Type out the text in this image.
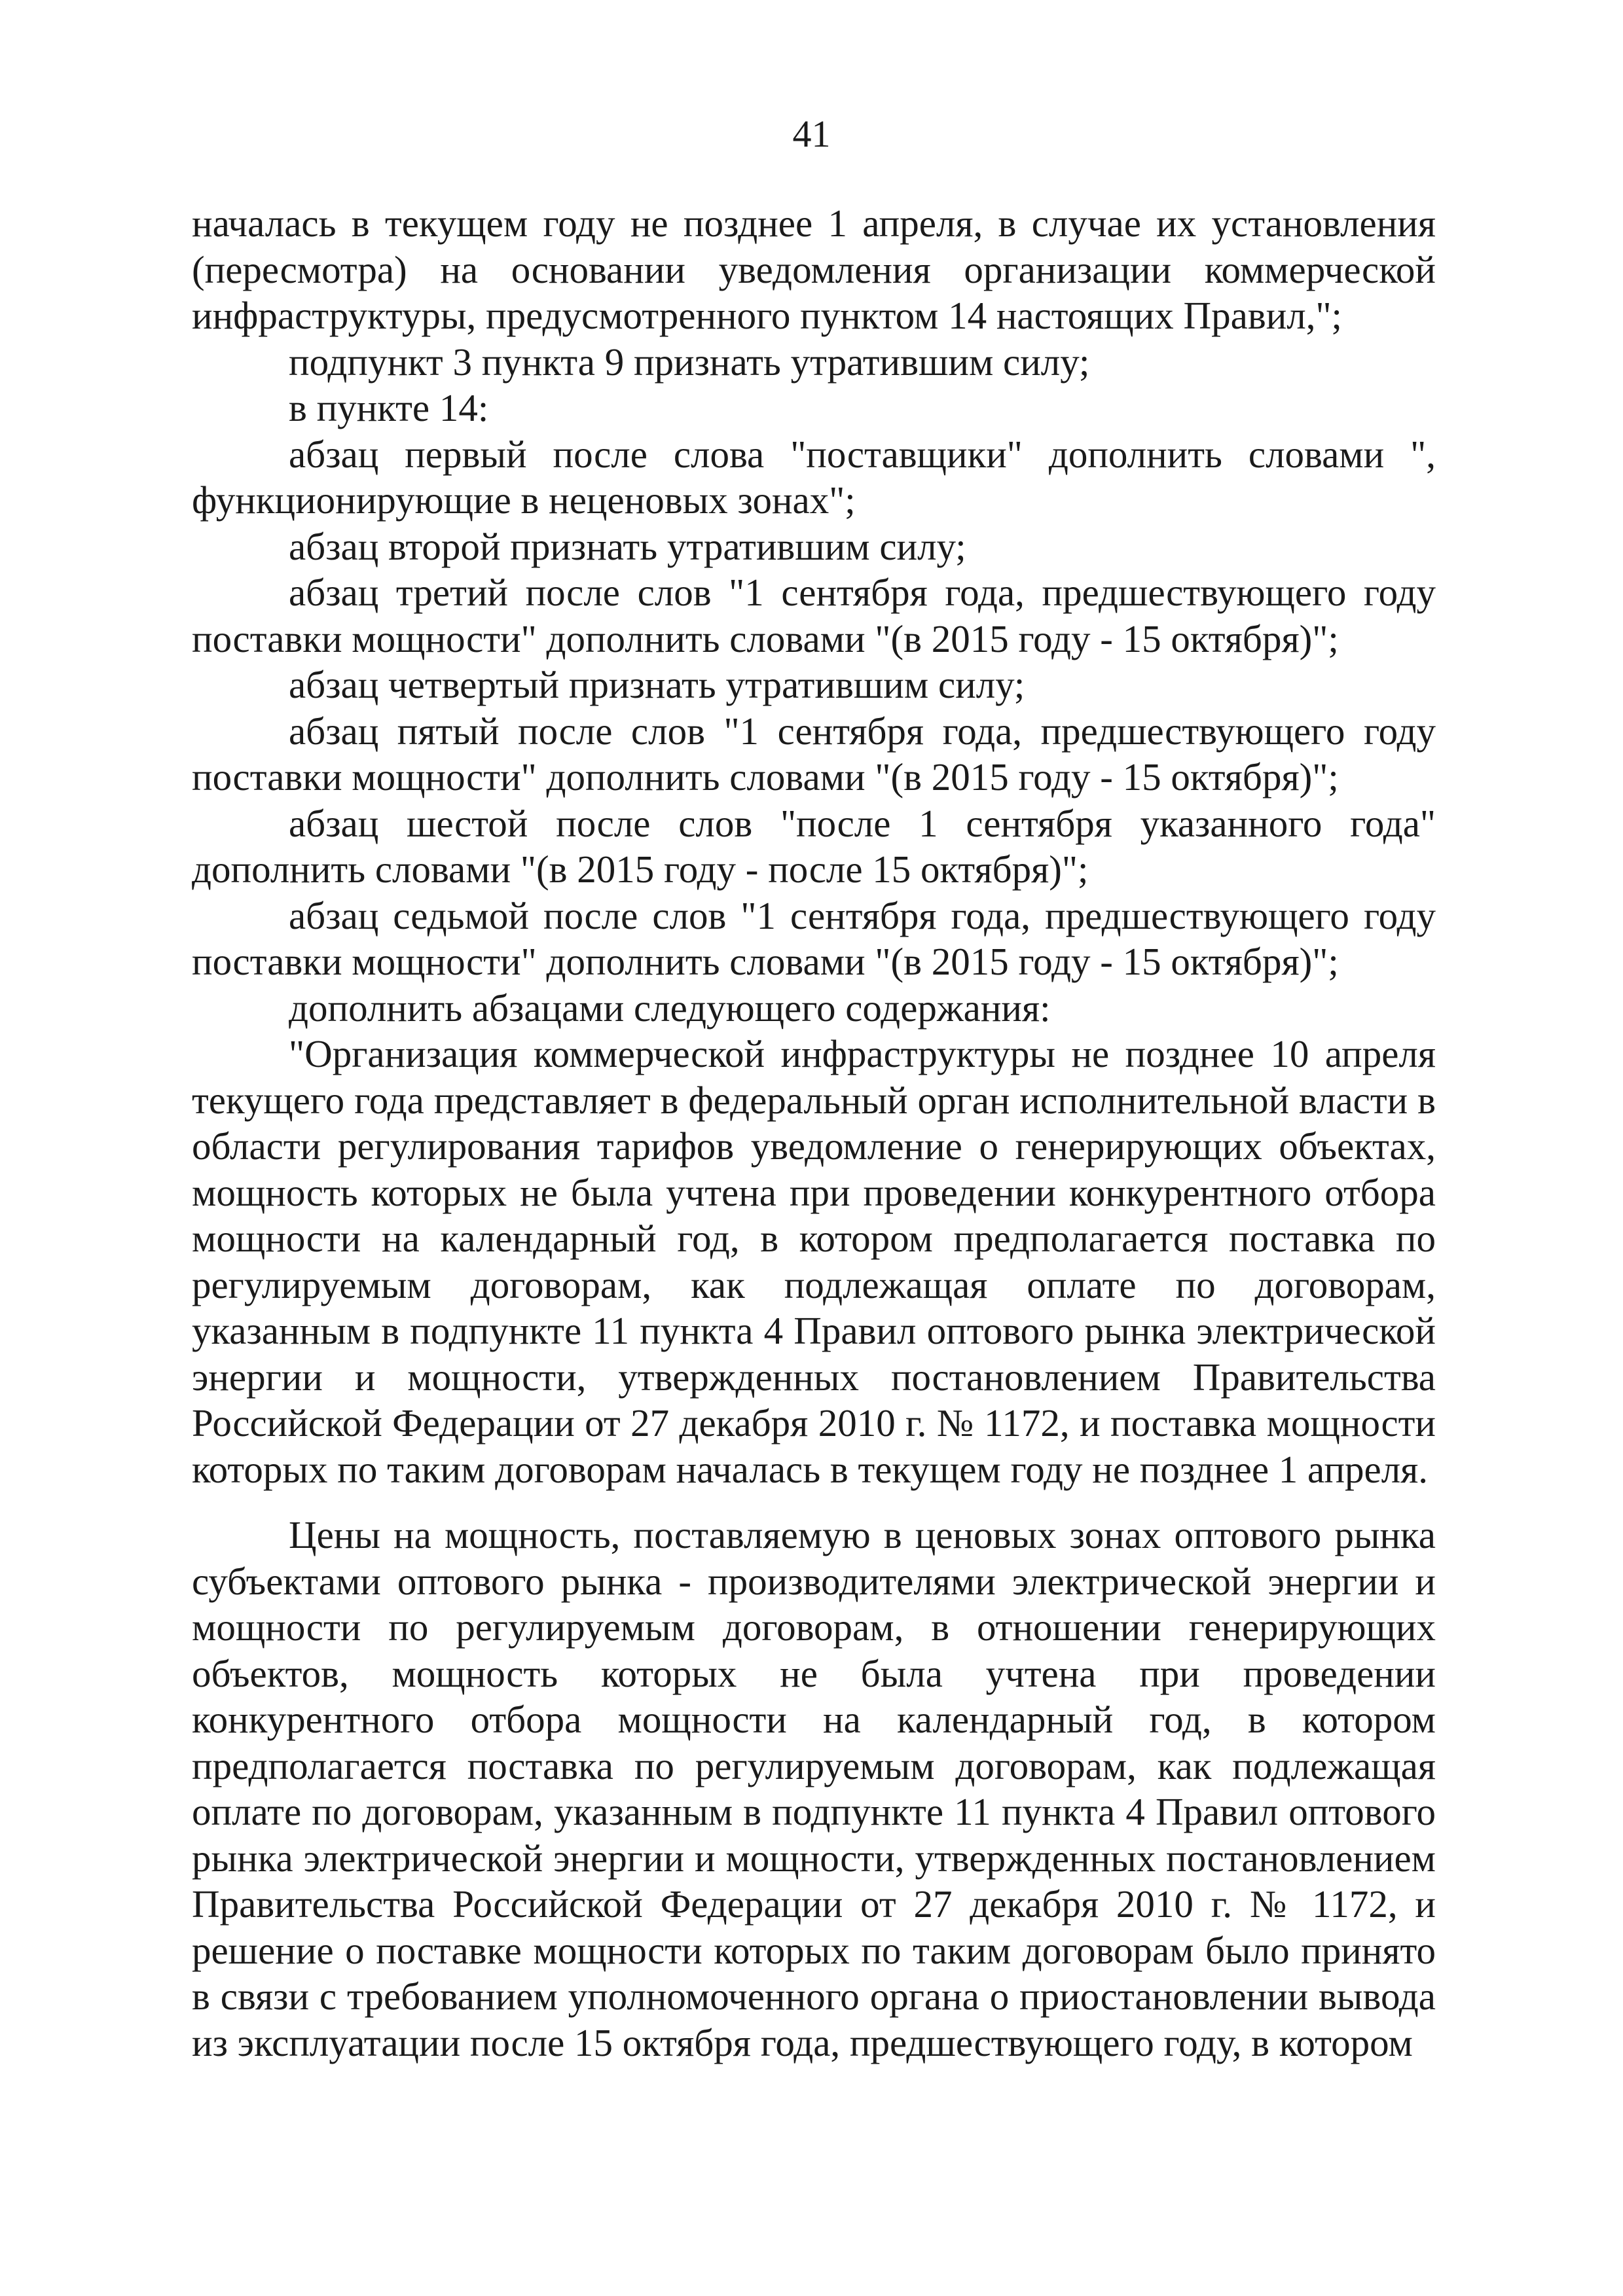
41

началась в текущем году не позднее 1 апреля, в случае их установления (пересмотра) на основании уведомления организации коммерческой инфраструктуры, предусмотренного пунктом 14 настоящих Правил,";

подпункт 3 пункта 9 признать утратившим силу;

в пункте 14:

абзац первый после слова "поставщики" дополнить словами ", функционирующие в неценовых зонах";

абзац второй признать утратившим силу;

абзац третий после слов "1 сентября года, предшествующего году поставки мощности" дополнить словами "(в 2015 году - 15 октября)";

абзац четвертый признать утратившим силу;

абзац пятый после слов "1 сентября года, предшествующего году поставки мощности" дополнить словами "(в 2015 году - 15 октября)";

абзац шестой после слов "после 1 сентября указанного года" дополнить словами "(в 2015 году - после 15 октября)";

абзац седьмой после слов "1 сентября года, предшествующего году поставки мощности" дополнить словами "(в 2015 году - 15 октября)";

дополнить абзацами следующего содержания:

"Организация коммерческой инфраструктуры не позднее 10 апреля текущего года представляет в федеральный орган исполнительной власти в области регулирования тарифов уведомление о генерирующих объектах, мощность которых не была учтена при проведении конкурентного отбора мощности на календарный год, в котором предполагается поставка по регулируемым договорам, как подлежащая оплате по договорам, указанным в подпункте 11 пункта 4 Правил оптового рынка электрической энергии и мощности, утвержденных постановлением Правительства Российской Федерации от 27 декабря 2010 г. № 1172, и поставка мощности которых по таким договорам началась в текущем году не позднее 1 апреля.

Цены на мощность, поставляемую в ценовых зонах оптового рынка субъектами оптового рынка - производителями электрической энергии и мощности по регулируемым договорам, в отношении генерирующих объектов, мощность которых не была учтена при проведении конкурентного отбора мощности на календарный год, в котором предполагается поставка по регулируемым договорам, как подлежащая оплате по договорам, указанным в подпункте 11 пункта 4 Правил оптового рынка электрической энергии и мощности, утвержденных постановлением Правительства Российской Федерации от 27 декабря 2010 г. № 1172, и решение о поставке мощности которых по таким договорам было принято в связи с требованием уполномоченного органа о приостановлении вывода из эксплуатации после 15 октября года, предшествующего году, в котором
